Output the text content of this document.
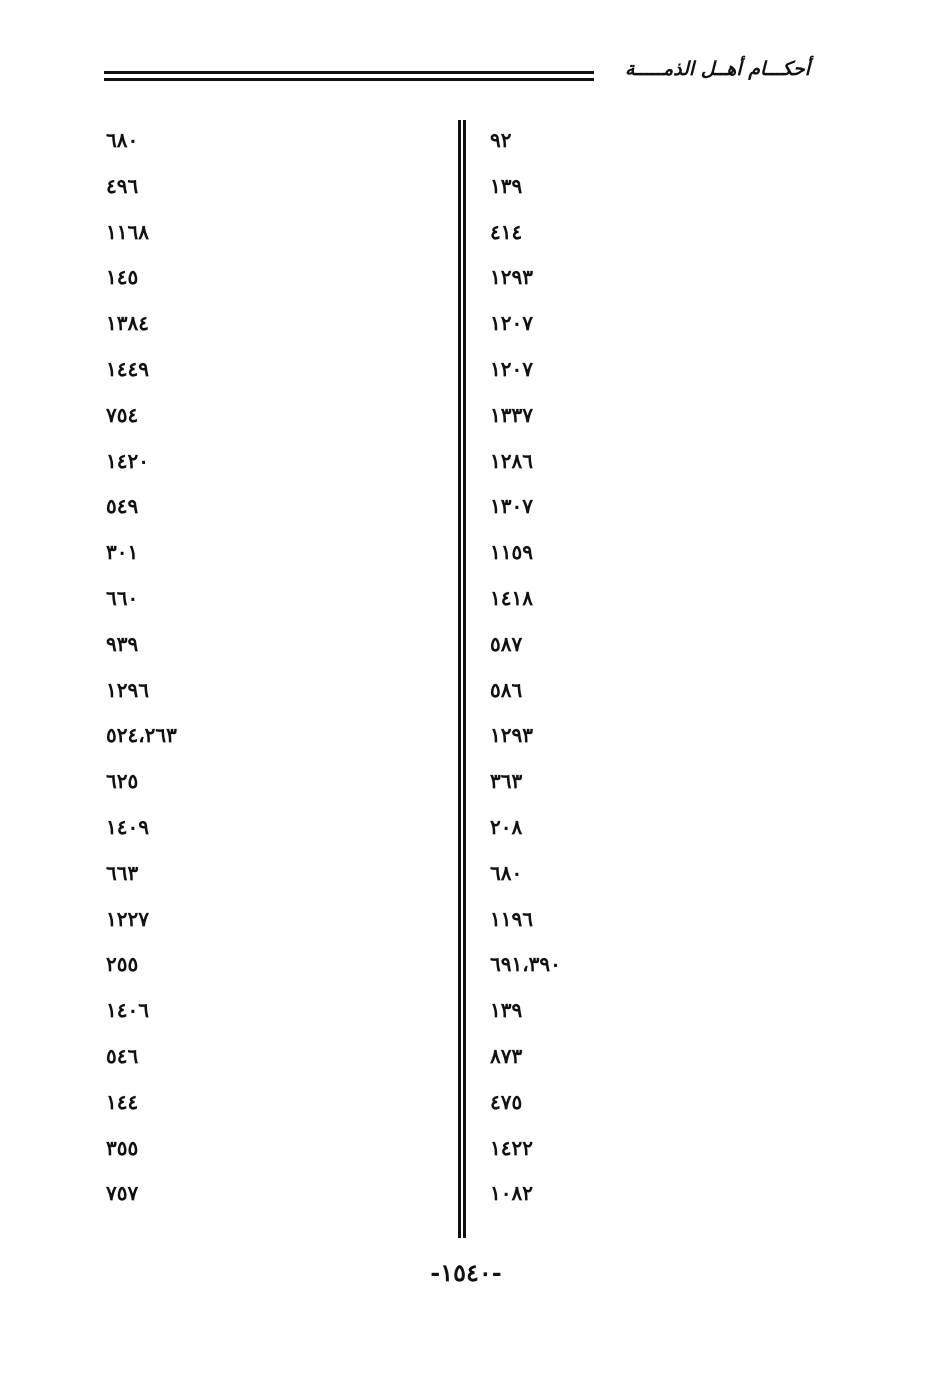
أحكـــام أهــل الذمـــــة
٩٢
١٣٩
٤١٤
١٢٩٣
١٢٠٧
١٢٠٧
١٣٣٧
١٢٨٦
١٣٠٧
١١٥٩
١٤١٨
٥٨٧
٥٨٦
١٢٩٣
٣٦٣
٢٠٨
٦٨٠
١١٩٦
٦٩١،٣٩٠
١٣٩
٨٧٣
٤٧٥
١٤٢٢
١٠٨٢
٦٨٠
٤٩٦
١١٦٨
١٤٥
١٣٨٤
١٤٤٩
٧٥٤
١٤٢٠
٥٤٩
٣٠١
٦٦٠
٩٣٩
١٢٩٦
٥٢٤،٢٦٣
٦٢٥
١٤٠٩
٦٦٣
١٢٢٧
٢٥٥
١٤٠٦
٥٤٦
١٤٤
٣٥٥
٧٥٧
-١٥٤٠-
